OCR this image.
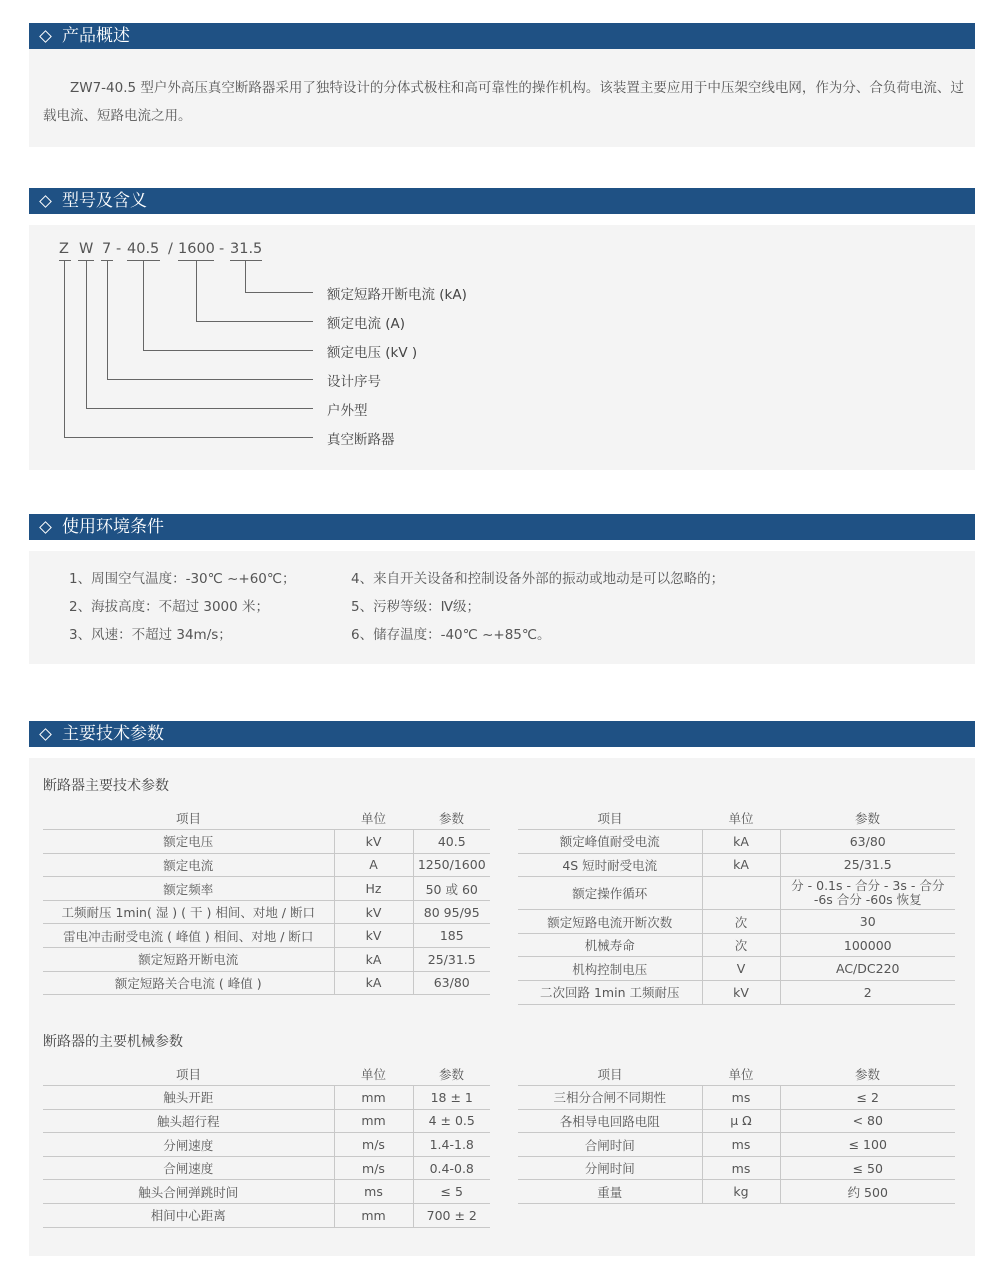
产品概述

ZW7-40.5 型户外高压真空断路器采用了独特设计的分体式极柱和高可靠性的操作机构。该装置主要应用于中压架空线电网，作为分、合负荷电流、过载电流、短路电流之用。

型号及含义
Z W 7 - 40.5 / 1600 - 31.5
额定短路开断电流 (kA)
额定电流 (A)
额定电压 (kV )
设计序号
户外型
真空断路器
使用环境条件
1、周围空气温度：-30℃ ~+60℃；
2、海拔高度：不超过 3000 米；
3、风速：不超过 34m/s；
4、来自开关设备和控制设备外部的振动或地动是可以忽略的；
5、污秽等级：Ⅳ级；
6、储存温度：-40℃ ~+85℃。
主要技术参数
断路器主要技术参数
断路器的主要机械参数
项目	单位	参数
额定电压	kV	40.5
额定电流	A	1250/1600
额定频率	Hz	50 或 60
工频耐压 1min( 湿 ) ( 干 ) 相间、对地 / 断口	kV	80 95/95
雷电冲击耐受电流 ( 峰值 ) 相间、对地 / 断口	kV	185
额定短路开断电流	kA	25/31.5
额定短路关合电流 ( 峰值 )	kA	63/80
项目	单位	参数
额定峰值耐受电流	kA	63/80
4S 短时耐受电流	kA	25/31.5
额定操作循环		分 - 0.1s - 合分 - 3s - 合分 -6s 合分 -60s 恢复
额定短路电流开断次数	次	30
机械寿命	次	100000
机构控制电压	V	AC/DC220
二次回路 1min 工频耐压	kV	2
项目	单位	参数
触头开距	mm	18 ± 1
触头超行程	mm	4 ± 0.5
分闸速度	m/s	1.4-1.8
合闸速度	m/s	0.4-0.8
触头合闸弹跳时间	ms	≤ 5
相间中心距离	mm	700 ± 2
项目	单位	参数
三相分合闸不同期性	ms	≤ 2
各相导电回路电阻	μ Ω	< 80
合闸时间	ms	≤ 100
分闸时间	ms	≤ 50
重量	kg	约 500
